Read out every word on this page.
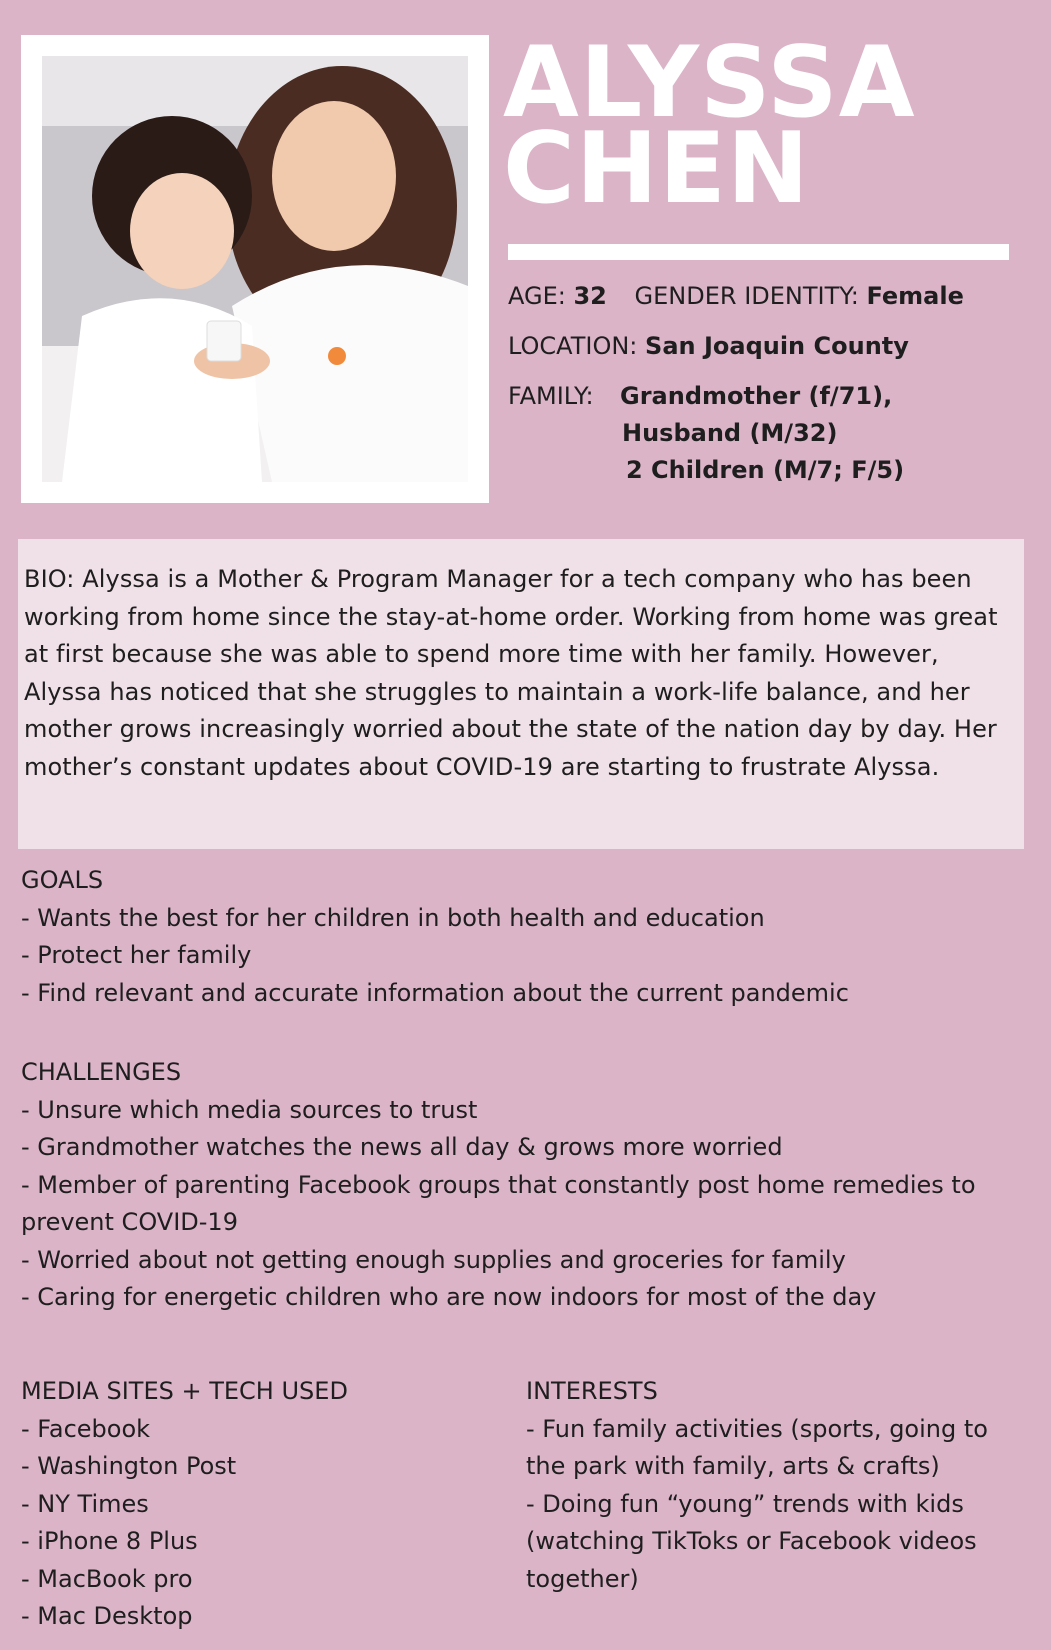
ALYSSA
CHEN
AGE: 32 GENDER IDENTITY: Female
LOCATION: San Joaquin County
FAMILY: Grandmother (f/71),
Husband (M/32)
2 Children (M/7; F/5)

BIO: Alyssa is a Mother & Program Manager for a tech company who has been working from home since the stay-at-home order. Working from home was great at first because she was able to spend more time with her family. However, Alyssa has noticed that she struggles to maintain a work-life balance, and her mother grows increasingly worried about the state of the nation day by day. Her mother’s constant updates about COVID-19 are starting to frustrate Alyssa.

GOALS
- Wants the best for her children in both health and education
- Protect her family
- Find relevant and accurate information about the current pandemic
CHALLENGES
- Unsure which media sources to trust
- Grandmother watches the news all day & grows more worried
- Member of parenting Facebook groups that constantly post home remedies to prevent COVID-19
- Worried about not getting enough supplies and groceries for family
- Caring for energetic children who are now indoors for most of the day
MEDIA SITES + TECH USED
- Facebook
- Washington Post
- NY Times
- iPhone 8 Plus
- MacBook pro
- Mac Desktop
INTERESTS
- Fun family activities (sports, going to the park with family, arts & crafts)
- Doing fun “young” trends with kids (watching TikToks or Facebook videos together)
